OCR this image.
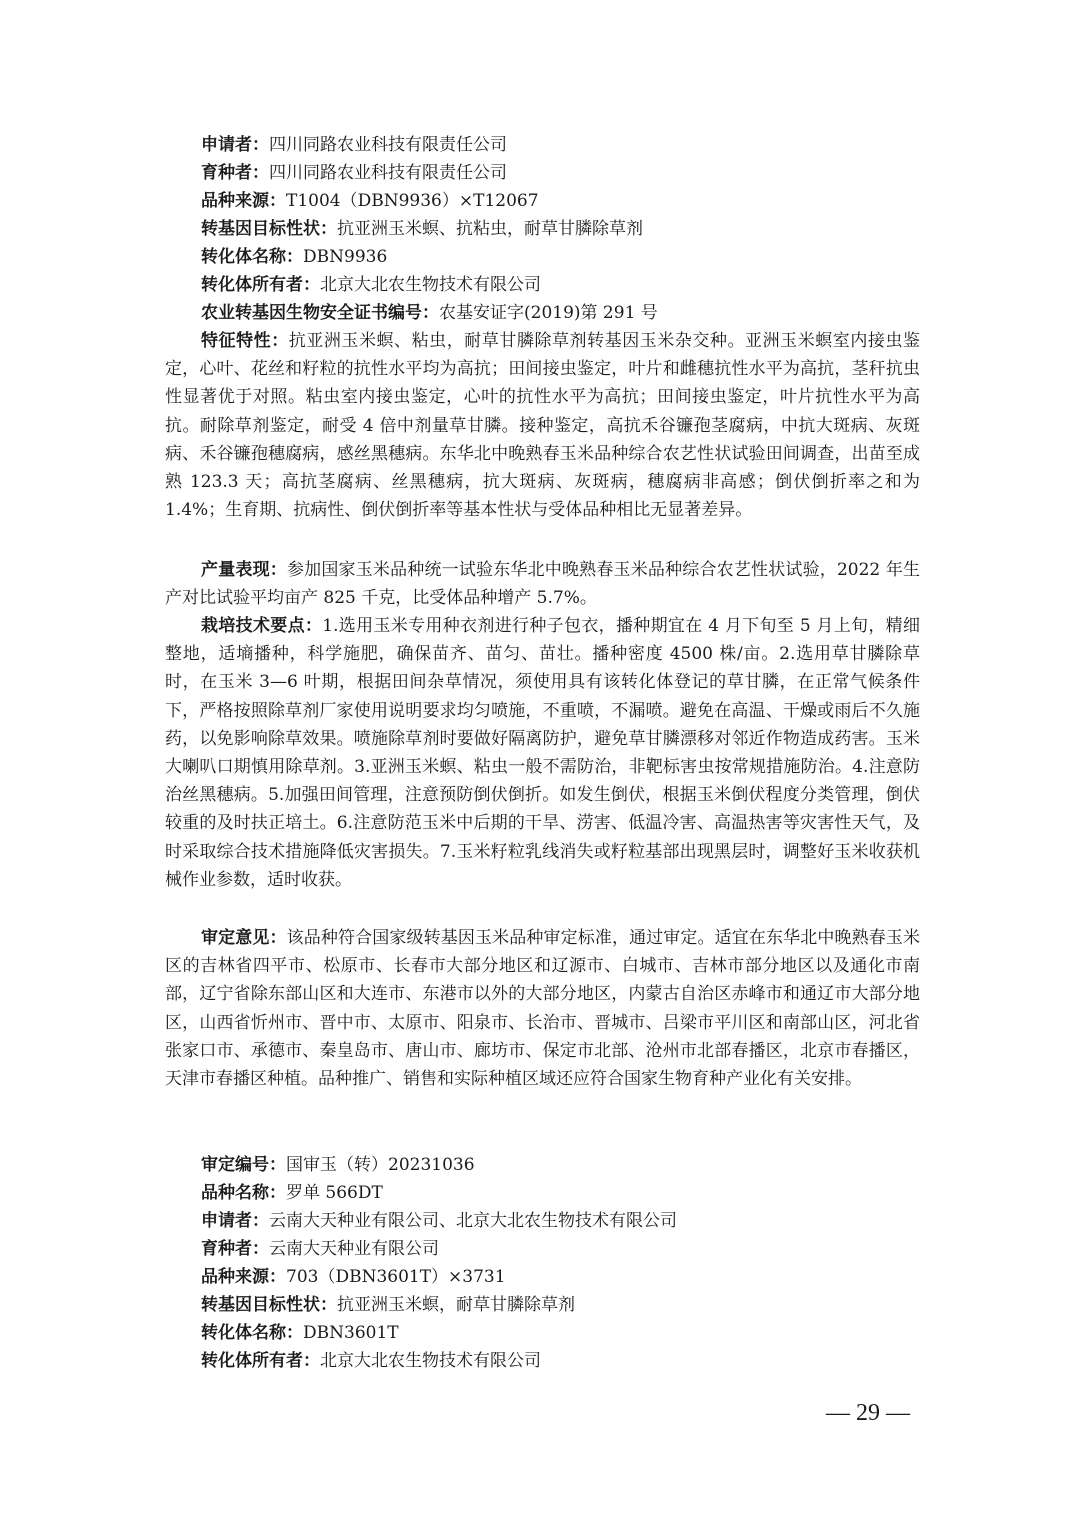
申请者：四川同路农业科技有限责任公司
育种者：四川同路农业科技有限责任公司
品种来源：T1004（DBN9936）×T12067
转基因目标性状：抗亚洲玉米螟、抗粘虫，耐草甘膦除草剂
转化体名称：DBN9936
转化体所有者：北京大北农生物技术有限公司
农业转基因生物安全证书编号：农基安证字(2019)第 291 号

特征特性：抗亚洲玉米螟、粘虫，耐草甘膦除草剂转基因玉米杂交种。亚洲玉米螟室内接虫鉴定，心叶、花丝和籽粒的抗性水平均为高抗；田间接虫鉴定，叶片和雌穗抗性水平为高抗，茎秆抗虫性显著优于对照。粘虫室内接虫鉴定，心叶的抗性水平为高抗；田间接虫鉴定，叶片抗性水平为高抗。耐除草剂鉴定，耐受 4 倍中剂量草甘膦。接种鉴定，高抗禾谷镰孢茎腐病，中抗大斑病、灰斑病、禾谷镰孢穗腐病，感丝黑穗病。东华北中晚熟春玉米品种综合农艺性状试验田间调查，出苗至成熟 123.3 天；高抗茎腐病、丝黑穗病，抗大斑病、灰斑病，穗腐病非高感；倒伏倒折率之和为 1.4%；生育期、抗病性、倒伏倒折率等基本性状与受体品种相比无显著差异。

产量表现：参加国家玉米品种统一试验东华北中晚熟春玉米品种综合农艺性状试验，2022 年生产对比试验平均亩产 825 千克，比受体品种增产 5.7%。

栽培技术要点：1.选用玉米专用种衣剂进行种子包衣，播种期宜在 4 月下旬至 5 月上旬，精细整地，适墒播种，科学施肥，确保苗齐、苗匀、苗壮。播种密度 4500 株/亩。2.选用草甘膦除草时，在玉米 3—6 叶期，根据田间杂草情况，须使用具有该转化体登记的草甘膦，在正常气候条件下，严格按照除草剂厂家使用说明要求均匀喷施，不重喷，不漏喷。避免在高温、干燥或雨后不久施药，以免影响除草效果。喷施除草剂时要做好隔离防护，避免草甘膦漂移对邻近作物造成药害。玉米大喇叭口期慎用除草剂。3.亚洲玉米螟、粘虫一般不需防治，非靶标害虫按常规措施防治。4.注意防治丝黑穗病。5.加强田间管理，注意预防倒伏倒折。如发生倒伏，根据玉米倒伏程度分类管理，倒伏较重的及时扶正培土。6.注意防范玉米中后期的干旱、涝害、低温冷害、高温热害等灾害性天气，及时采取综合技术措施降低灾害损失。7.玉米籽粒乳线消失或籽粒基部出现黑层时，调整好玉米收获机械作业参数，适时收获。

审定意见：该品种符合国家级转基因玉米品种审定标准，通过审定。适宜在东华北中晚熟春玉米区的吉林省四平市、松原市、长春市大部分地区和辽源市、白城市、吉林市部分地区以及通化市南部，辽宁省除东部山区和大连市、东港市以外的大部分地区，内蒙古自治区赤峰市和通辽市大部分地区，山西省忻州市、晋中市、太原市、阳泉市、长治市、晋城市、吕梁市平川区和南部山区，河北省张家口市、承德市、秦皇岛市、唐山市、廊坊市、保定市北部、沧州市北部春播区，北京市春播区，天津市春播区种植。品种推广、销售和实际种植区域还应符合国家生物育种产业化有关安排。

审定编号：国审玉（转）20231036
品种名称：罗单 566DT
申请者：云南大天种业有限公司、北京大北农生物技术有限公司
育种者：云南大天种业有限公司
品种来源：703（DBN3601T）×3731
转基因目标性状：抗亚洲玉米螟，耐草甘膦除草剂
转化体名称：DBN3601T
转化体所有者：北京大北农生物技术有限公司
— 29 —
